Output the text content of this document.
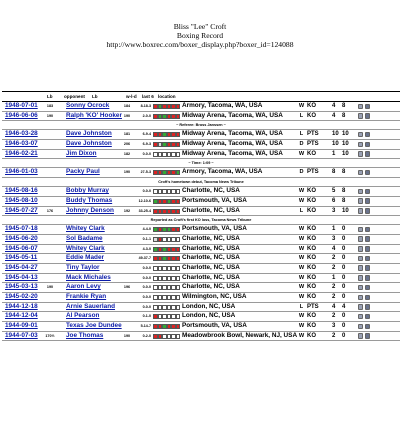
Bliss "Lee" Croft
Boxing Record
http://www.boxrec.com/boxer_display.php?boxer_id=124088
Lb opponent Lb	w-l-d last 6 location
1948-07-01	183	Sonny Ocrock	184	8-18-3	Armory, Tacoma, WA, USA	W KO	4 8
1946-06-06	190	Ralph 'KO' Hooker 190	2-0-0	Midway Arena, Tacoma, WA, USA	L KO	4 8
~ Referee: Bross Janssen ~
1946-03-28	Dave Johnston	181	6-9-4	Midway Arena, Tacoma, WA, USA	L PTS 10 10
1946-03-07	Dave Johnston	206	6-9-3	Midway Arena, Tacoma, WA, USA	D PTS 10 10
1946-02-21	Jim Dixon	182	0-0-0	Midway Arena, Tacoma, WA, USA	W KO	1 10
~ Time: 1:09 ~
1946-01-03	Packy Paul	190	27-5-3	Armory, Tacoma, WA, USA	D PTS 8 8
Croft's hometown debut, Tacoma News Tribune
1945-08-16	Bobby Murray	0-0-0	Charlotte, NC, USA	W KO	5 8
1945-08-10	Buddy Thomas	12-10-6	Portsmouth, VA, USA	W KO	6 8
1945-07-27	176	Johnny Denson	192	33-25-4	Charlotte, NC, USA	L KO	3 10
Reported as Croft's first KO loss, Tacoma News Tribune
1945-07-18	Whitey Clark	4-4-0	Portsmouth, VA, USA	W KO	1 0
1945-06-20	Sol Badame	0-1-1	Charlotte, NC, USA	W KO	3 0
1945-06-07	Whitey Clark	4-3-0	Charlotte, NC, USA	W KO	4 0
1945-05-11	Eddie Mader	49-37-7	Charlotte, NC, USA	W KO	2 0
1945-04-27	Tiny Taylor	0-0-0	Charlotte, NC, USA	W KO	2 0
1945-04-13	Mack Michales	0-0-0	Charlotte, NC, USA	W KO	1 0
1945-03-13	190	Aaron Levy	196	0-0-0	Charlotte, NC, USA	W KO	2 0
1945-02-20	Frankie Ryan	0-0-0	Wilmington, NC, USA	W KO	2 0
1944-12-18	Arnie Sauerland	0-0-0	London, NC, USA	L PTS 4 4
1944-12-04	Al Pearson	0-1-0	London, NC, USA	W KO	2 0
1944-09-01	Texas Joe Dundee	5-14-7	Portsmouth, VA, USA	W KO	3 0
1944-07-03	170½	Joe Thomas	190	0-2-0	Meadowbrook Bowl, Newark, NJ, USA W KO	2 0
